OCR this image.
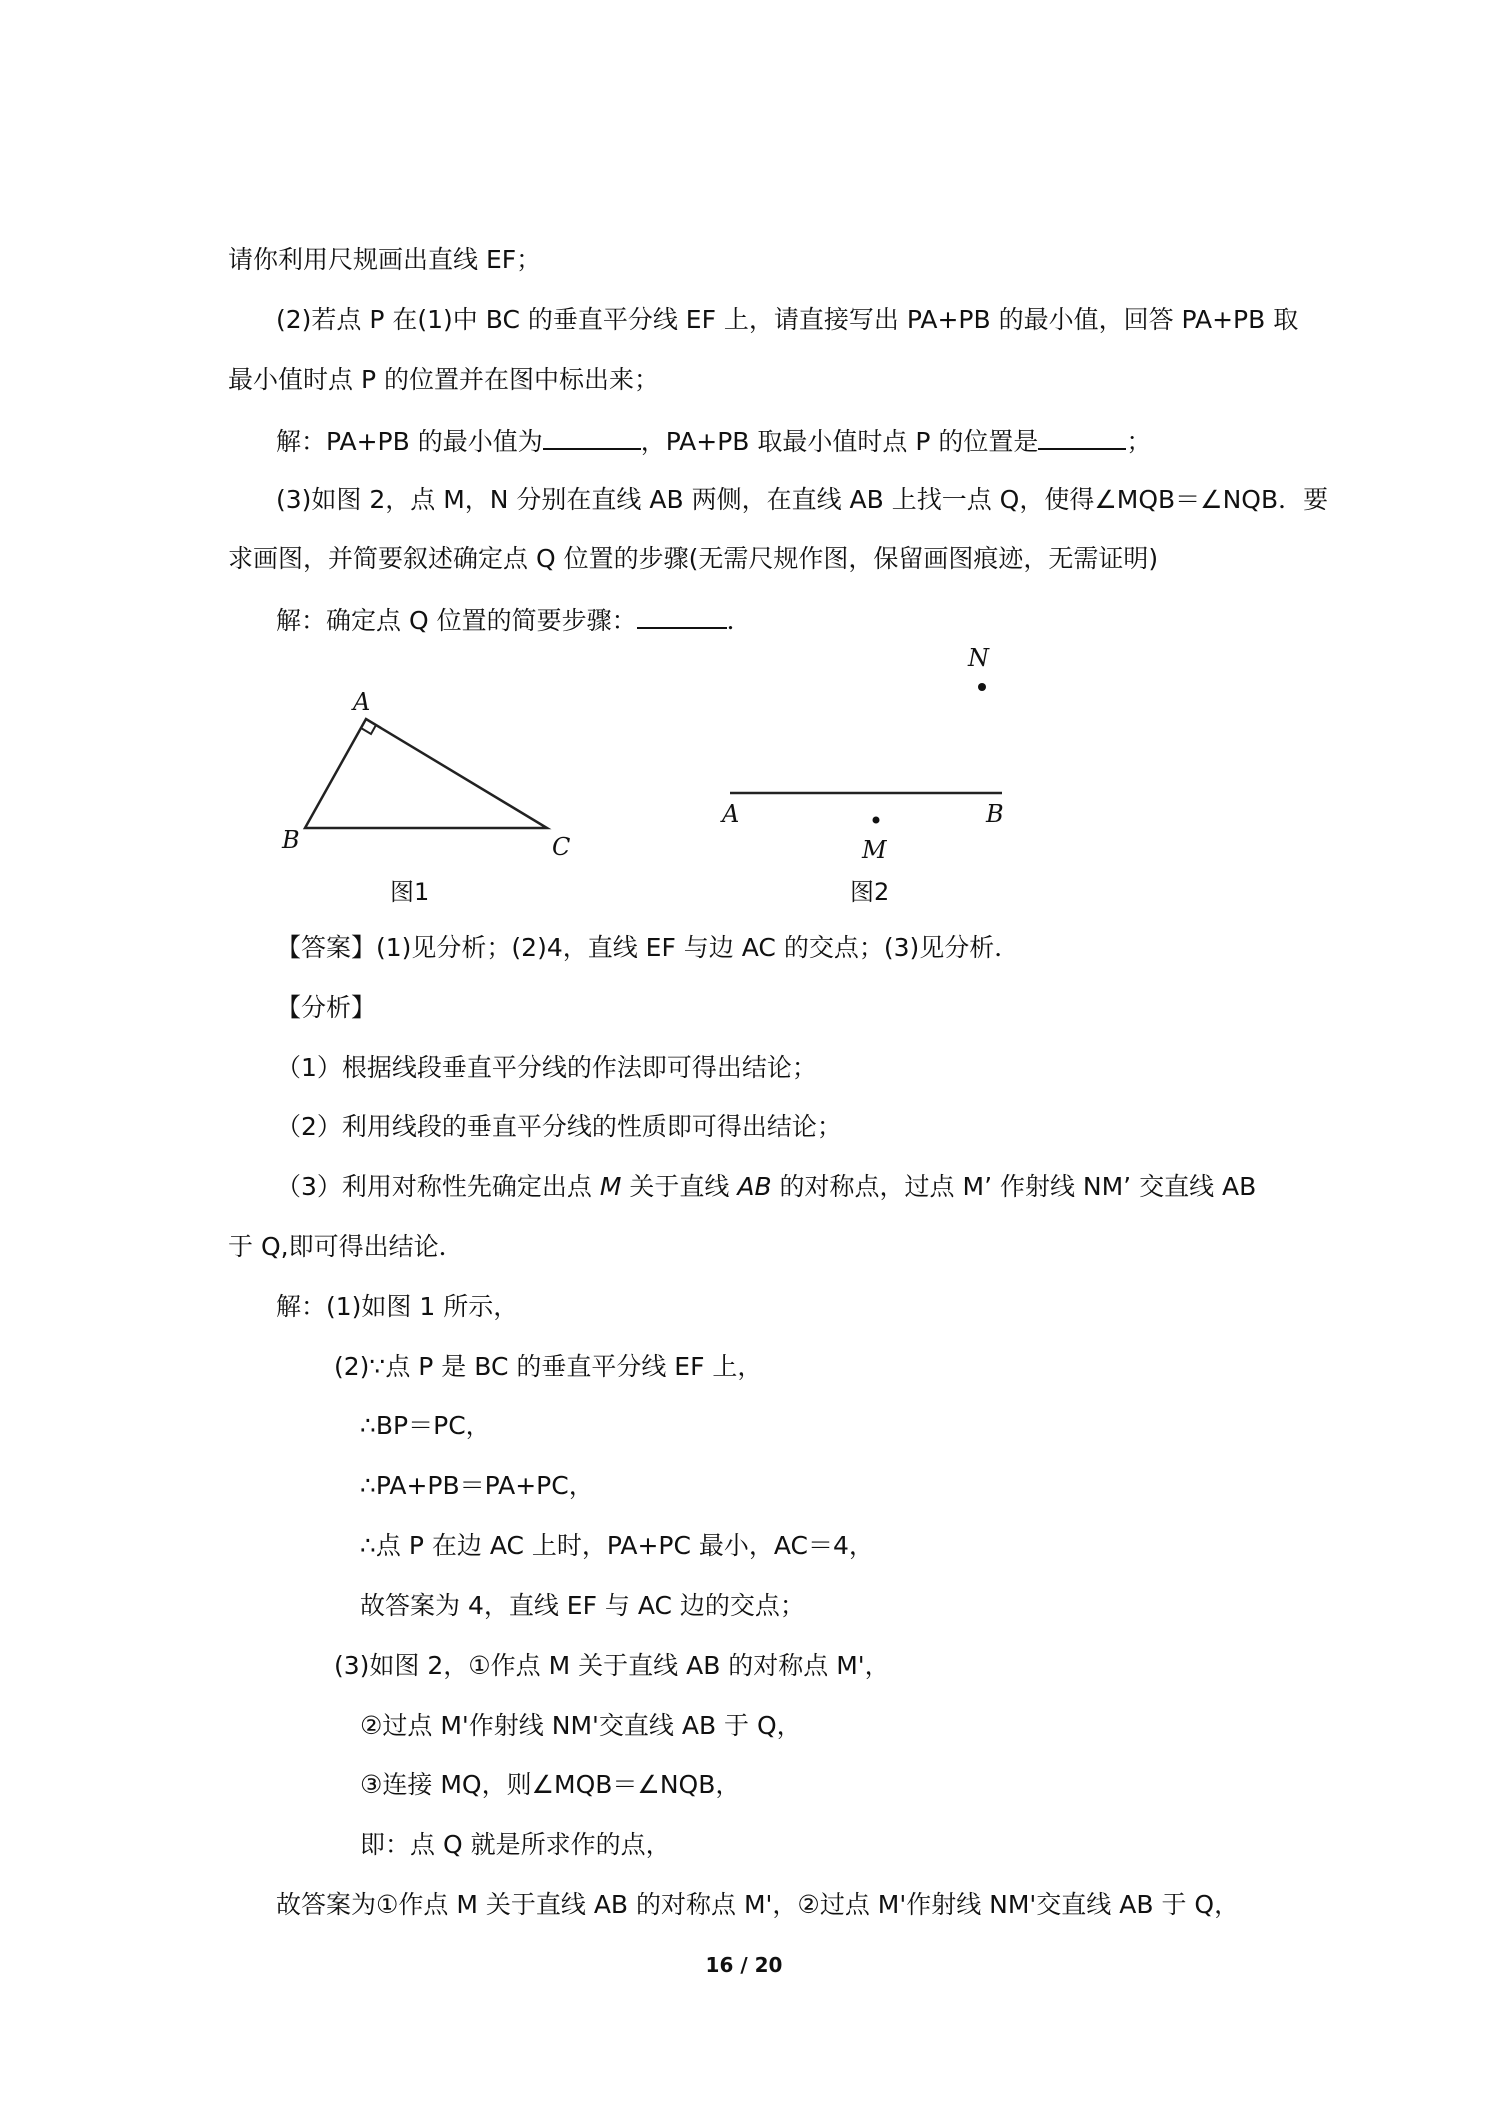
请你利用尺规画出直线 EF；
(2)若点 P 在(1)中 BC 的垂直平分线 EF 上，请直接写出 PA+PB 的最小值，回答 PA+PB 取
最小值时点 P 的位置并在图中标出来；
解：PA+PB 的最小值为	，PA+PB 取最小值时点 P 的位置是	；
(3)如图 2，点 M，N 分别在直线 AB 两侧，在直线 AB 上找一点 Q，使得∠MQB＝∠NQB．要
求画图，并简要叙述确定点 Q 位置的步骤(无需尺规作图，保留画图痕迹，无需证明)
解：确定点 Q 位置的简要步骤：	．
A
B	C
图1
N
A	B
M
图2
【答案】(1)见分析；(2)4，直线 EF 与边 AC 的交点；(3)见分析．
【分析】
（1）根据线段垂直平分线的作法即可得出结论；
（2）利用线段的垂直平分线的性质即可得出结论；
（3）利用对称性先确定出点 M 关于直线 AB 的对称点，过点 M’ 作射线 NM’ 交直线 AB
于 Q,即可得出结论．
解：(1)如图 1 所示，
(2)∵点 P 是 BC 的垂直平分线 EF 上，
∴BP＝PC，
∴PA+PB＝PA+PC，
∴点 P 在边 AC 上时，PA+PC 最小，AC＝4，
故答案为 4，直线 EF 与 AC 边的交点；
(3)如图 2，①作点 M 关于直线 AB 的对称点 M'，
②过点 M'作射线 NM'交直线 AB 于 Q，
③连接 MQ，则∠MQB＝∠NQB，
即：点 Q 就是所求作的点，
故答案为①作点 M 关于直线 AB 的对称点 M'，②过点 M'作射线 NM'交直线 AB 于 Q，
16 / 20
